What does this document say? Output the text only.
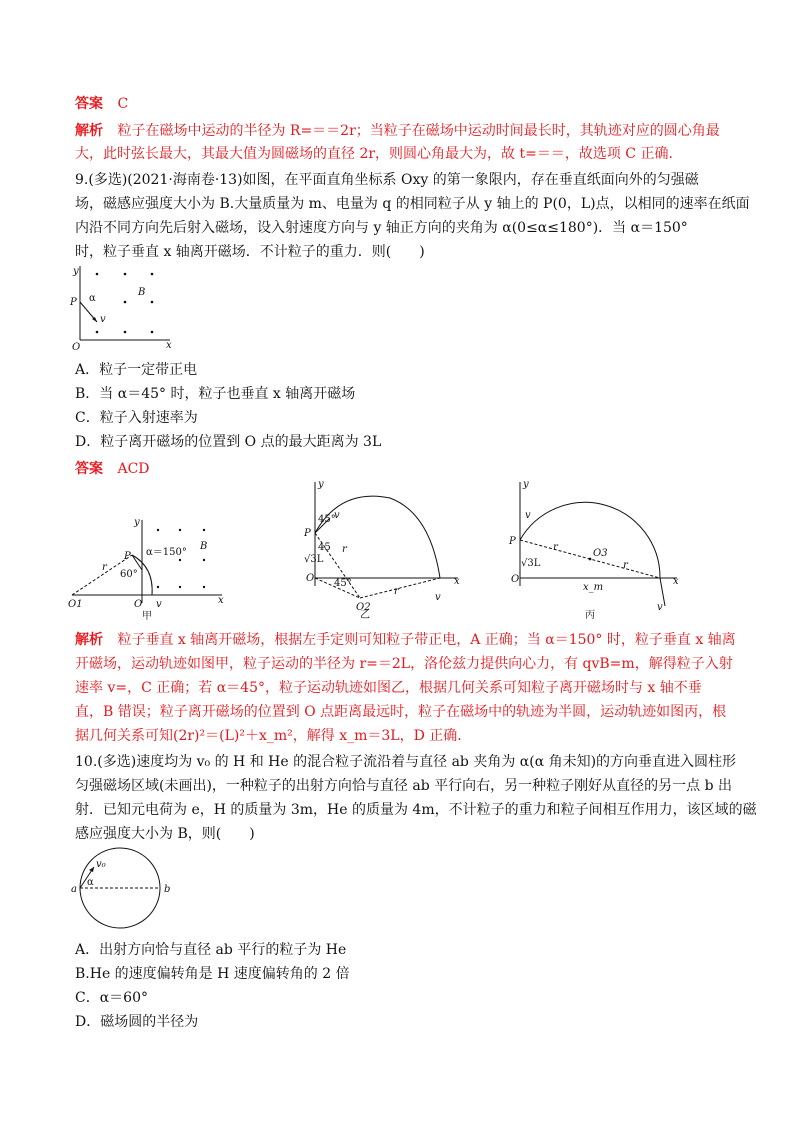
答案 C
解析 粒子在磁场中运动的半径为 R=＝＝2r；当粒子在磁场中运动时间最长时，其轨迹对应的圆心角最
大，此时弦长最大，其最大值为圆磁场的直径 2r，则圆心角最大为，故 t=＝＝，故选项 C 正确.
9.(多选)(2021·海南卷·13)如图，在平面直角坐标系 Oxy 的第一象限内，存在垂直纸面向外的匀强磁
场，磁感应强度大小为 B.大量质量为 m、电量为 q 的相同粒子从 y 轴上的 P(0，L)点，以相同的速率在纸面
内沿不同方向先后射入磁场，设入射速度方向与 y 轴正方向的夹角为 α(0≤α≤180°)．当 α＝150°
时，粒子垂直 x 轴离开磁场．不计粒子的重力．则(　　)
y
x
O
P
B
α
v
A．粒子一定带正电
B．当 α＝45° 时，粒子也垂直 x 轴离开磁场
C．粒子入射速率为
D．粒子离开磁场的位置到 O 点的最大距离为 3L
答案 ACD
y
x
O
O1
P
B
α＝150°
60°
r
v
甲
y
x
O
O2
P
45°
45
45°
r
r
√3L
v
v
乙
y
x
O
O3
P
r
r
√3L
x_m
v
v
丙
解析 粒子垂直 x 轴离开磁场，根据左手定则可知粒子带正电，A 正确；当 α＝150° 时，粒子垂直 x 轴离
开磁场，运动轨迹如图甲，粒子运动的半径为 r=＝2L，洛伦兹力提供向心力，有 qvB=m，解得粒子入射
速率 v=，C 正确；若 α＝45°，粒子运动轨迹如图乙，根据几何关系可知粒子离开磁场时与 x 轴不垂
直，B 错误；粒子离开磁场的位置到 O 点距离最远时，粒子在磁场中的轨迹为半圆，运动轨迹如图丙，根
据几何关系可知(2r)²＝(L)²＋x_m²，解得 x_m＝3L，D 正确.
10.(多选)速度均为 v₀ 的 H 和 He 的混合粒子流沿着与直径 ab 夹角为 α(α 角未知)的方向垂直进入圆柱形
匀强磁场区域(未画出)，一种粒子的出射方向恰与直径 ab 平行向右，另一种粒子刚好从直径的另一点 b 出
射．已知元电荷为 e，H 的质量为 3m，He 的质量为 4m，不计粒子的重力和粒子间相互作用力，该区域的磁
感应强度大小为 B，则(　　)
a	b
α
v₀
A．出射方向恰与直径 ab 平行的粒子为 He
B.He 的速度偏转角是 H 速度偏转角的 2 倍
C．α＝60°
D．磁场圆的半径为
